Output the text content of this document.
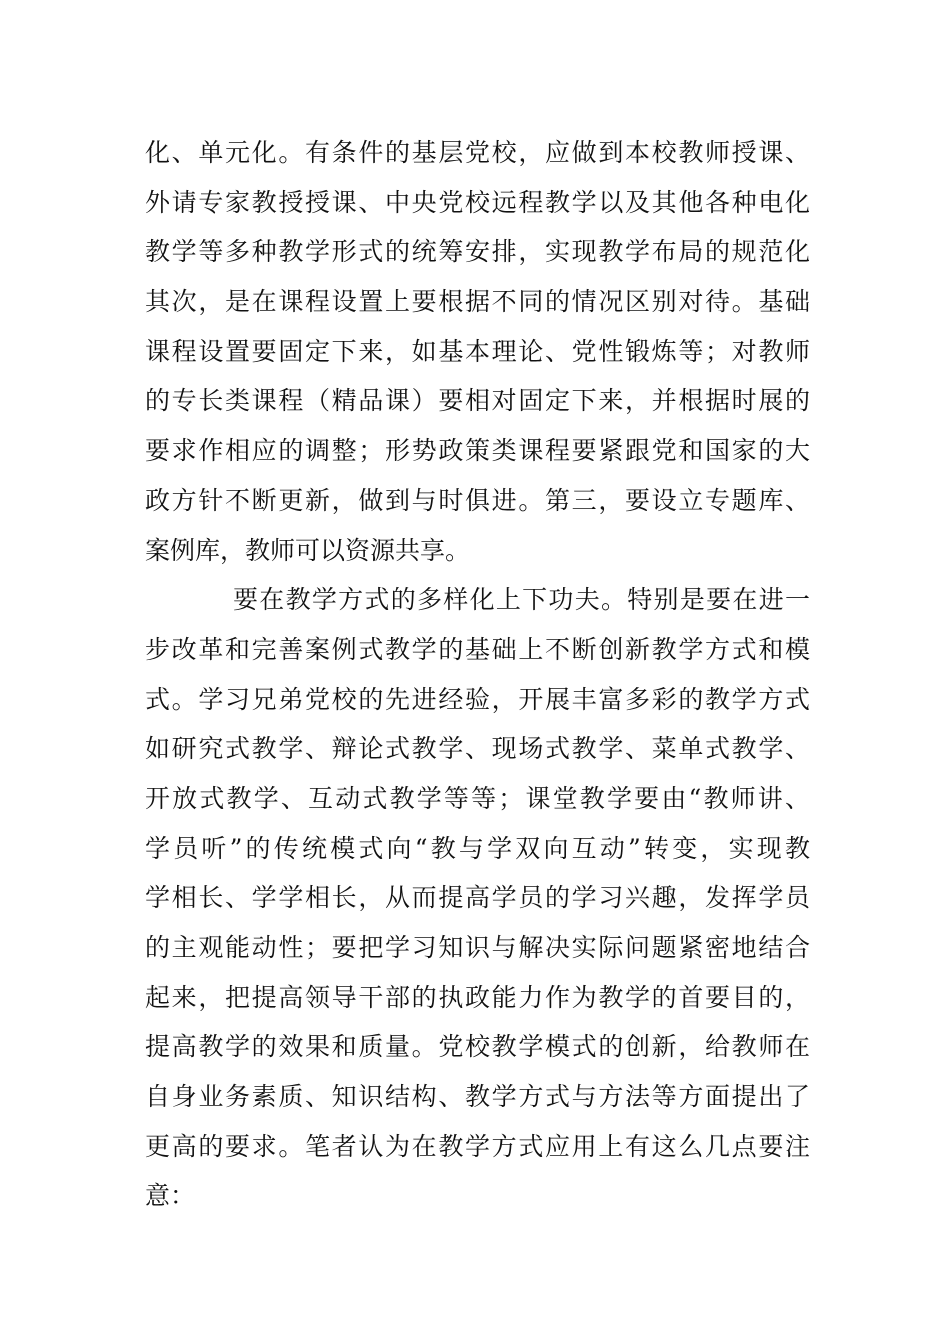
化、单元化。有条件的基层党校，应做到本校教师授课、
外请专家教授授课、中央党校远程教学以及其他各种电化
教学等多种教学形式的统筹安排，实现教学布局的规范化
其次，是在课程设置上要根据不同的情况区别对待。基础
课程设置要固定下来，如基本理论、党性锻炼等；对教师
的专长类课程（精品课）要相对固定下来，并根据时展的
要求作相应的调整；形势政策类课程要紧跟党和国家的大
政方针不断更新，做到与时俱进。第三，要设立专题库、
案例库，教师可以资源共享。
要在教学方式的多样化上下功夫。特别是要在进一
步改革和完善案例式教学的基础上不断创新教学方式和模
式。学习兄弟党校的先进经验，开展丰富多彩的教学方式
如研究式教学、辩论式教学、现场式教学、菜单式教学、
开放式教学、互动式教学等等；课堂教学要由“教师讲、
学员听”的传统模式向“教与学双向互动”转变，实现教
学相长、学学相长，从而提高学员的学习兴趣，发挥学员
的主观能动性；要把学习知识与解决实际问题紧密地结合
起来，把提高领导干部的执政能力作为教学的首要目的，
提高教学的效果和质量。党校教学模式的创新，给教师在
自身业务素质、知识结构、教学方式与方法等方面提出了
更高的要求。笔者认为在教学方式应用上有这么几点要注
意：
